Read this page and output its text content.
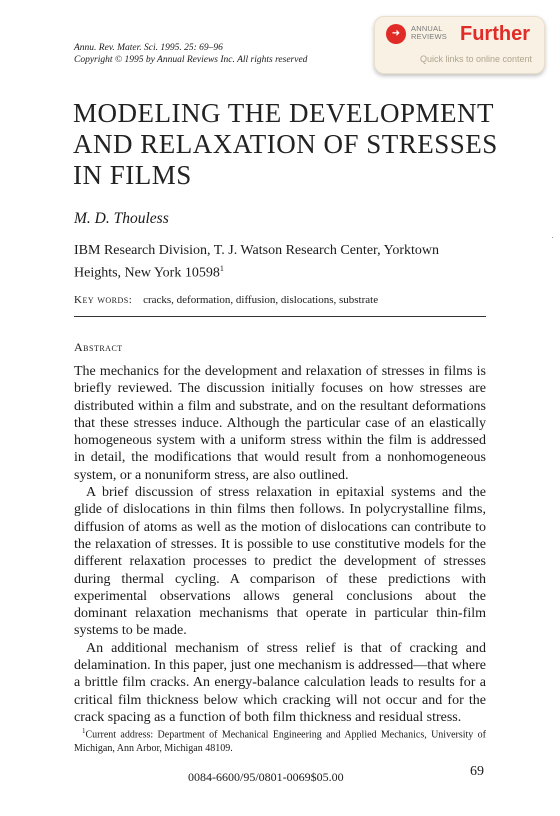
Annu. Rev. Mater. Sci. 1995. 25: 69–96
Copyright © 1995 by Annual Reviews Inc. All rights reserved
➜	ANNUAL
REVIEWS Further
Quick links to online content
MODELING THE DEVELOPMENT
AND RELAXATION OF STRESSES
IN FILMS
M. D. Thouless
IBM Research Division, T. J. Watson Research Center, Yorktown
Heights, New York 10598$^1$
Key words: cracks, deformation, diffusion, dislocations, substrate
Abstract

The mechanics for the development and relaxation of stresses in films is briefly reviewed. The discussion initially focuses on how stresses are distributed within a film and substrate, and on the resultant deformations that these stresses induce. Although the particular case of an elastically homogeneous system with a uniform stress within the film is addressed in detail, the modifications that would result from a nonhomogeneous system, or a nonuniform stress, are also outlined.

A brief discussion of stress relaxation in epitaxial systems and the glide of dislocations in thin films then follows. In polycrystalline films, diffusion of atoms as well as the motion of dislocations can contribute to the relaxation of stresses. It is possible to use constitutive models for the different relaxation processes to predict the development of stresses during thermal cycling. A comparison of these predictions with experimental observations allows general conclusions about the dominant relaxation mechanisms that operate in particular thin-film systems to be made.

An additional mechanism of stress relief is that of cracking and delamination. In this paper, just one mechanism is addressed—that where a brittle film cracks. An energy-balance calculation leads to results for a critical film thickness below which cracking will not occur and for the crack spacing as a function of both film thickness and residual stress.

$^1$Current address: Department of Mechanical Engineering and Applied Mechanics, University of Michigan, Ann Arbor, Michigan 48109.

0084-6600/95/0801-0069$05.00	69
